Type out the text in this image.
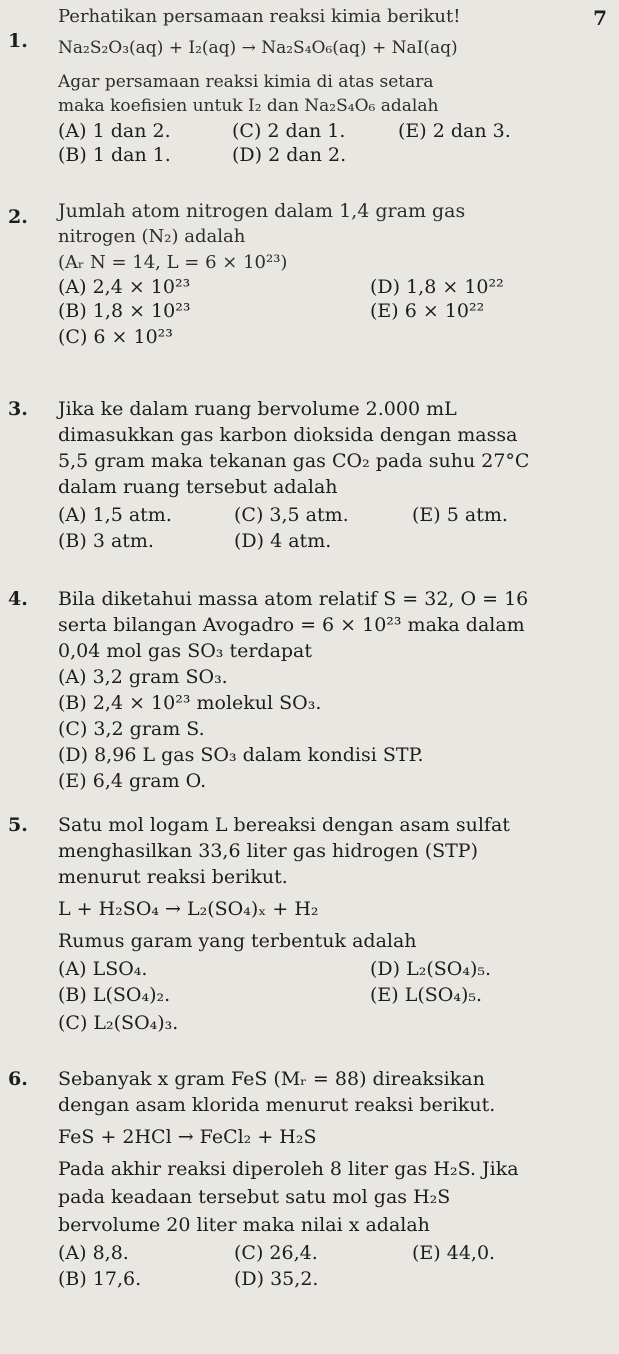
7
1.
Perhatikan persamaan reaksi kimia berikut!
Na₂S₂O₃(aq) + I₂(aq) → Na₂S₄O₆(aq) + NaI(aq)
Agar persamaan reaksi kimia di atas setara
maka koefisien untuk I₂ dan Na₂S₄O₆ adalah
(A) 1 dan 2.
(B) 1 dan 1.
(C) 2 dan 1.
(D) 2 dan 2.
(E) 2 dan 3.
2. Jumlah atom nitrogen dalam 1,4 gram gas
nitrogen (N₂) adalah
(Aᵣ N = 14, L = 6 × 10²³)
(A) 2,4 × 10²³
(B) 1,8 × 10²³
(C) 6 × 10²³
(D) 1,8 × 10²²
(E) 6 × 10²²
3. Jika ke dalam ruang bervolume 2.000 mL
dimasukkan gas karbon dioksida dengan massa
5,5 gram maka tekanan gas CO₂ pada suhu 27°C
dalam ruang tersebut adalah
(A) 1,5 atm.
(B) 3 atm.
(C) 3,5 atm.
(D) 4 atm.
(E) 5 atm.
4. Bila diketahui massa atom relatif S = 32, O = 16
serta bilangan Avogadro = 6 × 10²³ maka dalam
0,04 mol gas SO₃ terdapat
(A) 3,2 gram SO₃.
(B) 2,4 × 10²³ molekul SO₃.
(C) 3,2 gram S.
(D) 8,96 L gas SO₃ dalam kondisi STP.
(E) 6,4 gram O.
5. Satu mol logam L bereaksi dengan asam sulfat
menghasilkan 33,6 liter gas hidrogen (STP)
menurut reaksi berikut.
L + H₂SO₄ → L₂(SO₄)ₓ + H₂
Rumus garam yang terbentuk adalah
(A) LSO₄.
(B) L(SO₄)₂.
(C) L₂(SO₄)₃.
(D) L₂(SO₄)₅.
(E) L(SO₄)₅.
6. Sebanyak x gram FeS (Mᵣ = 88) direaksikan
dengan asam klorida menurut reaksi berikut.
FeS + 2HCl → FeCl₂ + H₂S
Pada akhir reaksi diperoleh 8 liter gas H₂S. Jika
pada keadaan tersebut satu mol gas H₂S
bervolume 20 liter maka nilai x adalah
(A) 8,8.
(B) 17,6.
(C) 26,4.
(D) 35,2.
(E) 44,0.
